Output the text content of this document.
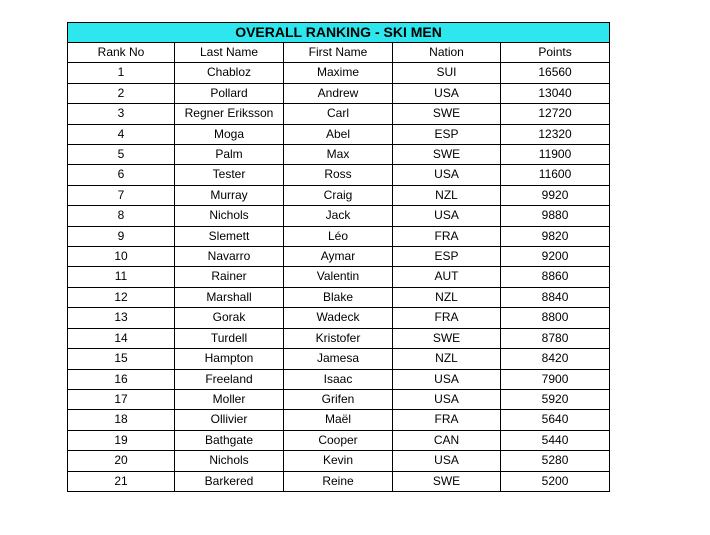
OVERALL RANKING - SKI MEN				
Rank No	Last Name	First Name	Nation	Points
1	Chabloz	Maxime	SUI	16560
2	Pollard	Andrew	USA	13040
3	Regner Eriksson	Carl	SWE	12720
4	Moga	Abel	ESP	12320
5	Palm	Max	SWE	11900
6	Tester	Ross	USA	11600
7	Murray	Craig	NZL	9920
8	Nichols	Jack	USA	9880
9	Slemett	Léo	FRA	9820
10	Navarro	Aymar	ESP	9200
11	Rainer	Valentin	AUT	8860
12	Marshall	Blake	NZL	8840
13	Gorak	Wadeck	FRA	8800
14	Turdell	Kristofer	SWE	8780
15	Hampton	Jamesa	NZL	8420
16	Freeland	Isaac	USA	7900
17	Moller	Grifen	USA	5920
18	Ollivier	Maël	FRA	5640
19	Bathgate	Cooper	CAN	5440
20	Nichols	Kevin	USA	5280
21	Barkered	Reine	SWE	5200
